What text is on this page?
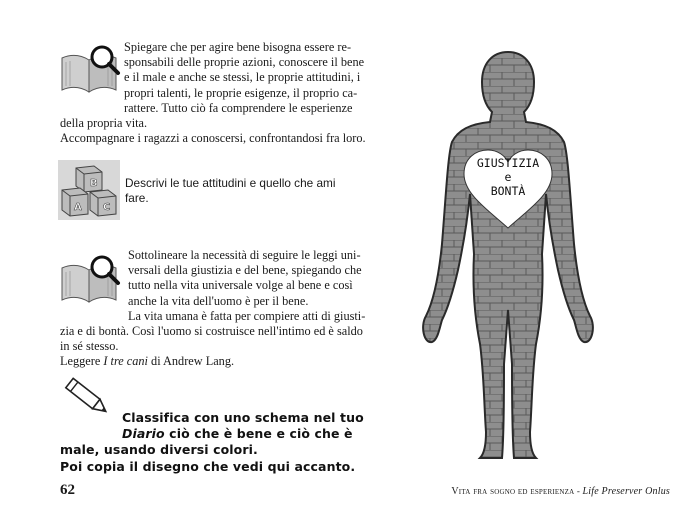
Spiegare che per agire bene bisogna essere re-
sponsabili delle proprie azioni, conoscere il bene
e il male e anche se stessi, le proprie attitudini, i
propri talenti, le proprie esigenze, il proprio ca-
rattere. Tutto ciò fa comprendere le esperienze
della propria vita.
Accompagnare i ragazzi a conoscersi, confrontandosi fra loro.
B
A C
Descrivi le tue attitudini e quello che ami
fare.
Sottolineare la necessità di seguire le leggi uni-
versali della giustizia e del bene, spiegando che
tutto nella vita universale volge al bene e così
anche la vita dell'uomo è per il bene.
La vita umana è fatta per compiere atti di giusti-
zia e di bontà. Così l'uomo si costruisce nell'intimo ed è saldo
in sé stesso.
Leggere I tre cani di Andrew Lang.
Classifica con uno schema nel tuo
Diario ciò che è bene e ciò che è
male, usando diversi colori.
Poi copia il disegno che vedi qui accanto.
GIUSTIZIA
e
BONTÀ
62	Vita fra sogno ed esperienza - Life Preserver Onlus
